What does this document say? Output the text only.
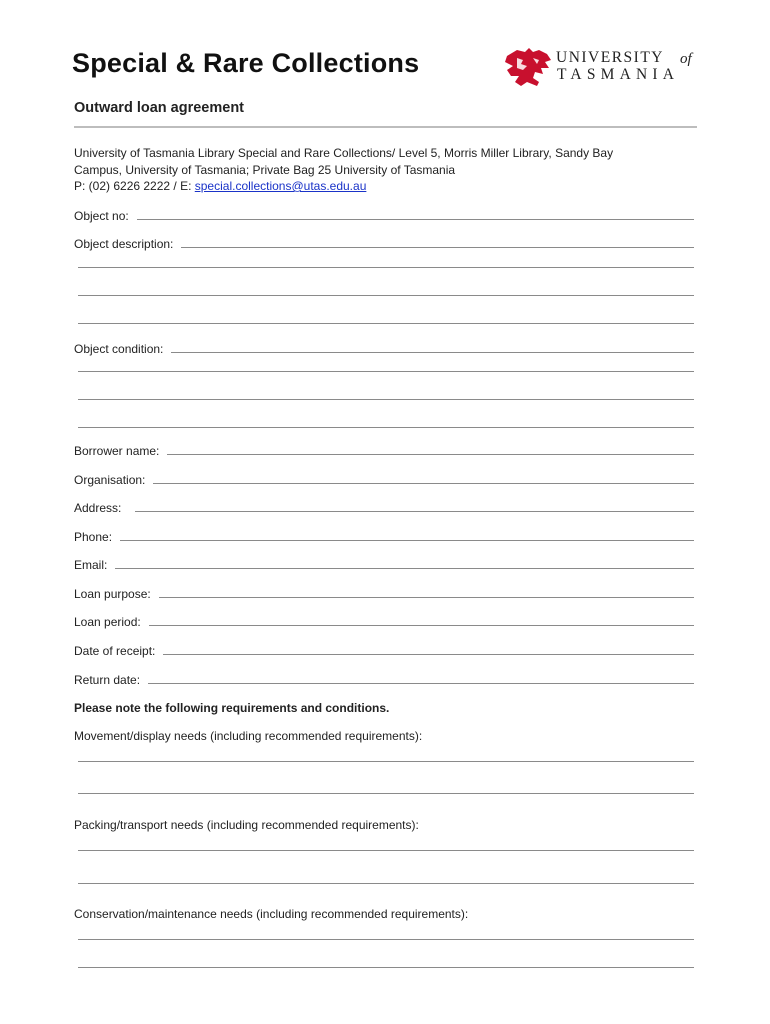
Special & Rare Collections	UNIVERSITY of
TASMANIA
Outward loan agreement
University of Tasmania Library Special and Rare Collections/ Level 5, Morris Miller Library, Sandy Bay
Campus, University of Tasmania; Private Bag 25 University of Tasmania
P: (02) 6226 2222 / E: special.collections@utas.edu.au
Object no:
Object description:
Object condition:
Borrower name:
Organisation:
Address:
Phone:
Email:
Loan purpose:
Loan period:
Date of receipt:
Return date:
Please note the following requirements and conditions.
Movement/display needs (including recommended requirements):
Packing/transport needs (including recommended requirements):
Conservation/maintenance needs (including recommended requirements):
